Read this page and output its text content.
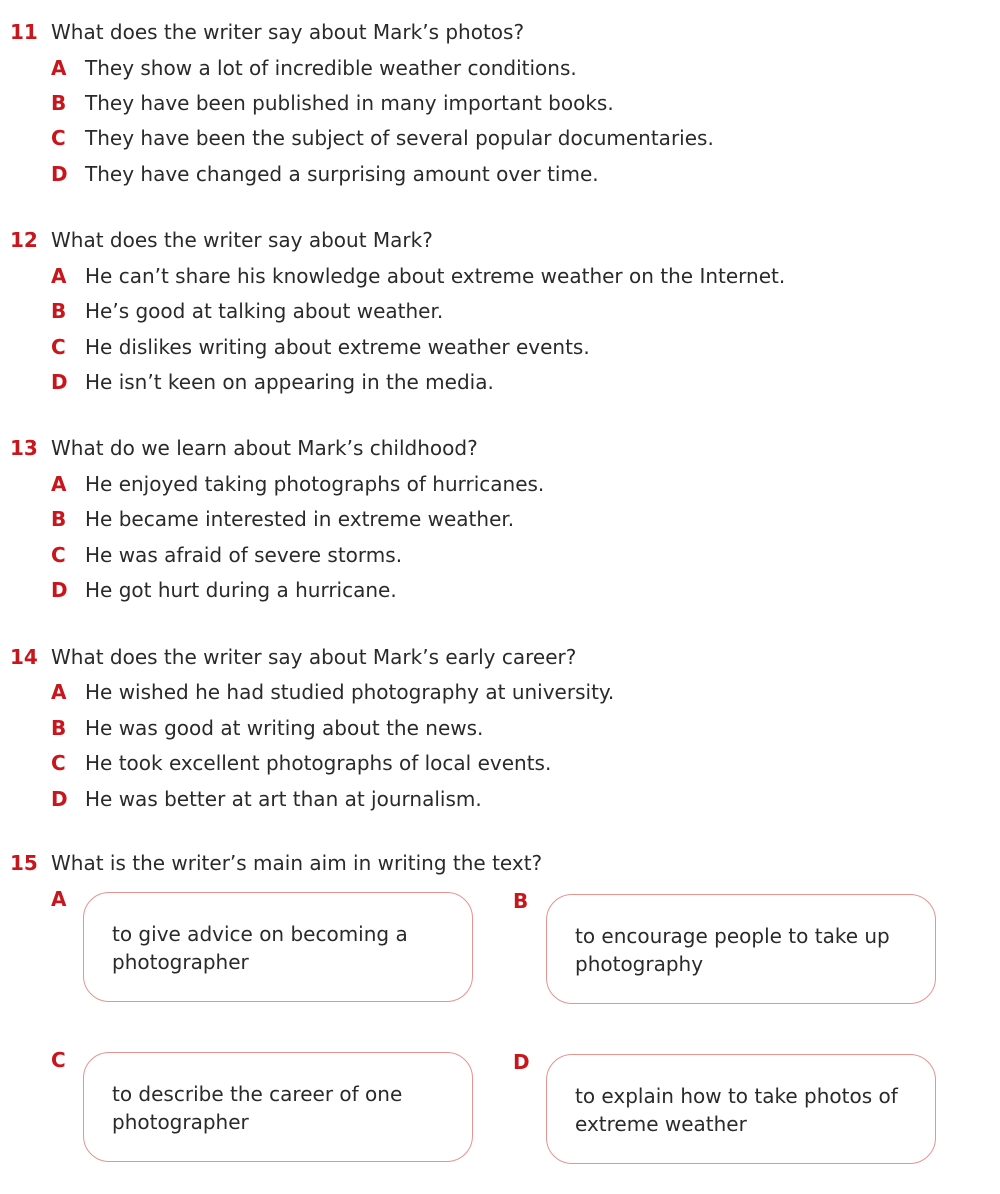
11 What does the writer say about Mark’s photos?
A They show a lot of incredible weather conditions.
B They have been published in many important books.
C They have been the subject of several popular documentaries.
D They have changed a surprising amount over time.
12 What does the writer say about Mark?
A He can’t share his knowledge about extreme weather on the Internet.
B He’s good at talking about weather.
C He dislikes writing about extreme weather events.
D He isn’t keen on appearing in the media.
13 What do we learn about Mark’s childhood?
A He enjoyed taking photographs of hurricanes.
B He became interested in extreme weather.
C He was afraid of severe storms.
D He got hurt during a hurricane.
14 What does the writer say about Mark’s early career?
A He wished he had studied photography at university.
B He was good at writing about the news.
C He took excellent photographs of local events.
D He was better at art than at journalism.
15 What is the writer’s main aim in writing the text?
A
to give advice on becoming a
photographer
B
to encourage people to take up
photography
C
to describe the career of one
photographer
D
to explain how to take photos of
extreme weather
